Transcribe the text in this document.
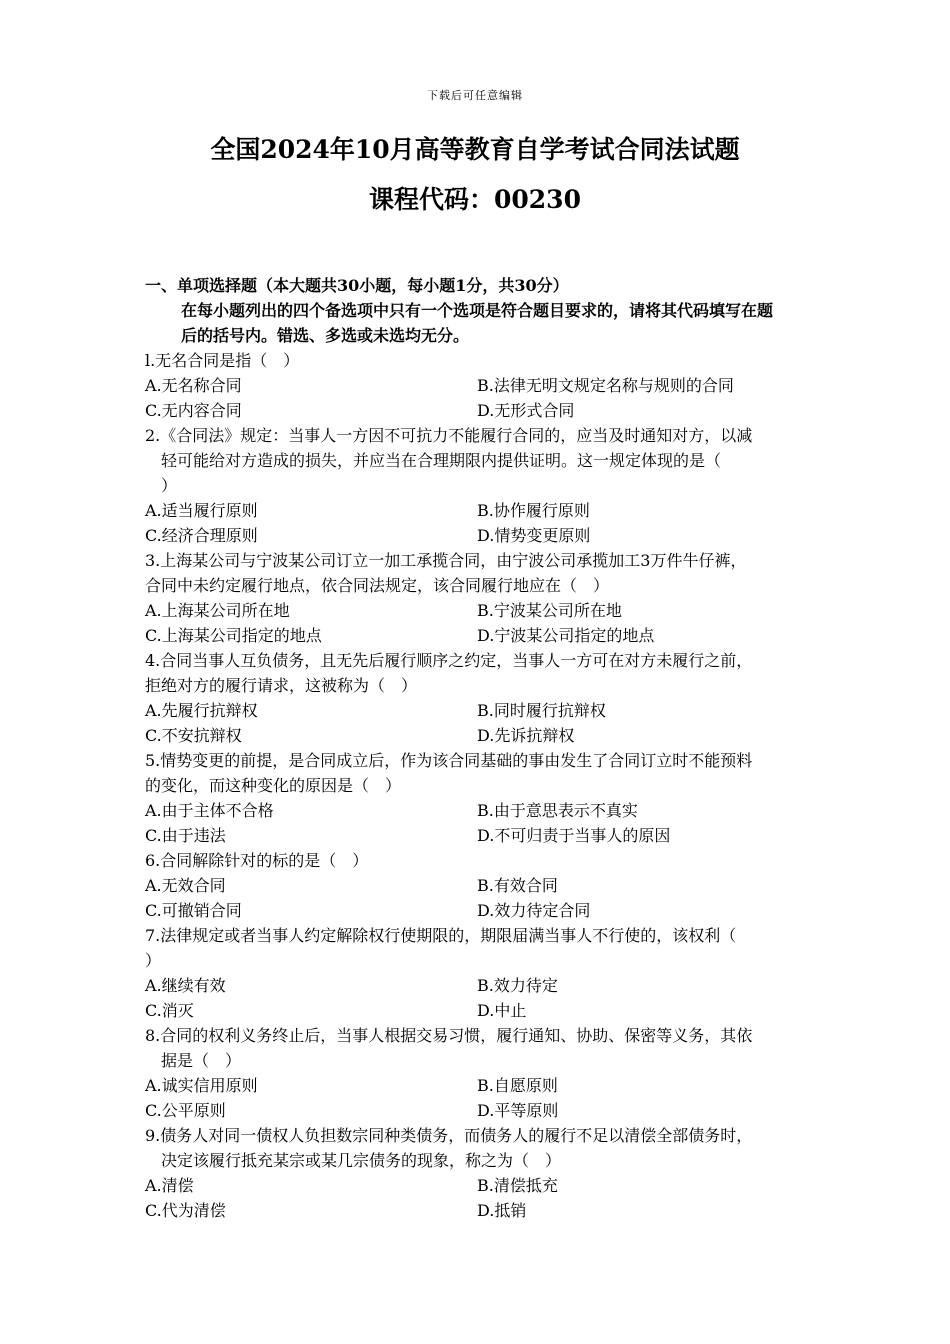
下载后可任意编辑
全国2024年10月高等教育自学考试合同法试题
课程代码：00230
一、单项选择题（本大题共30小题，每小题1分，共30分）
在每小题列出的四个备选项中只有一个选项是符合题目要求的，请将其代码填写在题
后的括号内。错选、多选或未选均无分。
l.无名合同是指（　）
A.无名称合同	B.法律无明文规定名称与规则的合同
C.无内容合同	D.无形式合同
2.《合同法》规定：当事人一方因不可抗力不能履行合同的，应当及时通知对方，以减
轻可能给对方造成的损失，并应当在合理期限内提供证明。这一规定体现的是（
）
A.适当履行原则	B.协作履行原则
C.经济合理原则	D.情势变更原则
3.上海某公司与宁波某公司订立一加工承揽合同，由宁波公司承揽加工3万件牛仔裤，
合同中未约定履行地点，依合同法规定，该合同履行地应在（　）
A.上海某公司所在地	B.宁波某公司所在地
C.上海某公司指定的地点	D.宁波某公司指定的地点
4.合同当事人互负债务，且无先后履行顺序之约定，当事人一方可在对方未履行之前，
拒绝对方的履行请求，这被称为（　）
A.先履行抗辩权	B.同时履行抗辩权
C.不安抗辩权	D.先诉抗辩权
5.情势变更的前提，是合同成立后，作为该合同基础的事由发生了合同订立时不能预料
的变化，而这种变化的原因是（　）
A.由于主体不合格	B.由于意思表示不真实
C.由于违法	D.不可归责于当事人的原因
6.合同解除针对的标的是（　）
A.无效合同	B.有效合同
C.可撤销合同	D.效力待定合同
7.法律规定或者当事人约定解除权行使期限的，期限届满当事人不行使的，该权利（
）
A.继续有效	B.效力待定
C.消灭	D.中止
8.合同的权利义务终止后，当事人根据交易习惯，履行通知、协助、保密等义务，其依
据是（　）
A.诚实信用原则	B.自愿原则
C.公平原则	D.平等原则
9.债务人对同一债权人负担数宗同种类债务，而债务人的履行不足以清偿全部债务时，
决定该履行抵充某宗或某几宗债务的现象，称之为（　）
A.清偿	B.清偿抵充
C.代为清偿	D.抵销
